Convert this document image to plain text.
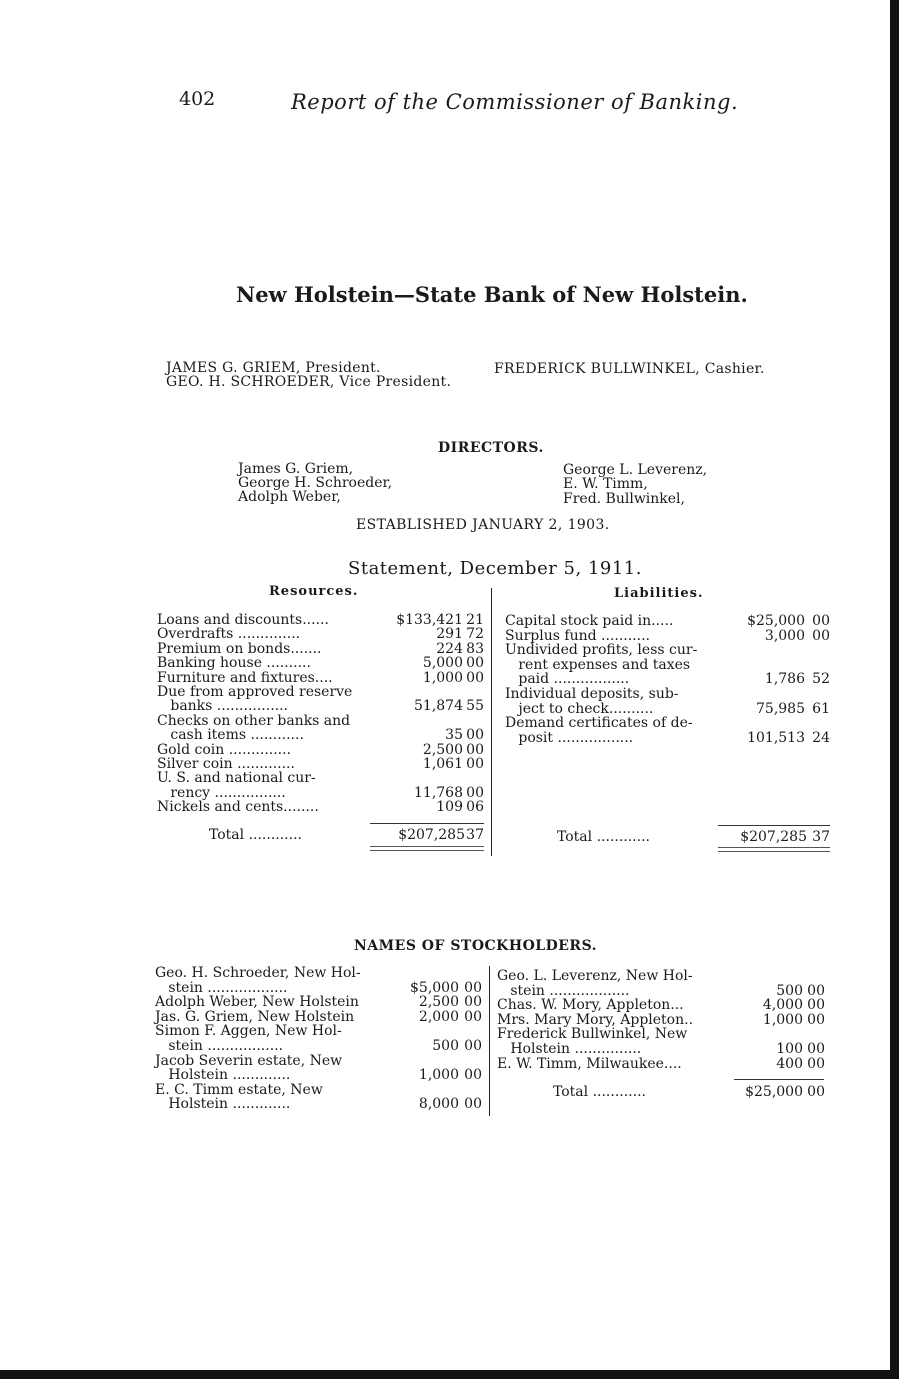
402	Report of the Commissioner of Banking.
New Holstein—State Bank of New Holstein.
JAMES G. GRIEM, President.
GEO. H. SCHROEDER, Vice President.
FREDERICK BULLWINKEL, Cashier.
DIRECTORS.
James G. Griem,
George H. Schroeder,
Adolph Weber,
George L. Leverenz,
E. W. Timm,
Fred. Bullwinkel,
ESTABLISHED JANUARY 2, 1903.
Statement, December 5, 1911.
Resources.	Liabilities.
Loans and discounts......	$133,421 21
Overdrafts ..............	291 72
Premium on bonds.......	224 83
Banking house ..........	5,000 00
Furniture and fixtures....	1,000 00
Due from approved reserve
banks ................	51,874 55
Checks on other banks and
cash items ............	35 00
Gold coin ..............	2,500 00
Silver coin .............	1,061 00
U. S. and national cur-
rency ................	11,768 00
Nickels and cents........	109 06
Capital stock paid in.....	$25,000 00
Surplus fund ...........	3,000 00
Undivided profits, less cur-
rent expenses and taxes
paid .................	1,786 52
Individual deposits, sub-
ject to check..........	75,985 61
Demand certificates of de-
posit .................	101,513 24
Total ............	$207,285 37	Total ............	$207,285 37
NAMES OF STOCKHOLDERS.
Geo. H. Schroeder, New Hol-
stein ..................	$5,000 00
Adolph Weber, New Holstein	2,500 00
Jas. G. Griem, New Holstein	2,000 00
Simon F. Aggen, New Hol-
stein .................	500 00
Jacob Severin estate, New
Holstein .............	1,000 00
E. C. Timm estate, New
Holstein .............	8,000 00
Geo. L. Leverenz, New Hol-
stein ..................	500 00
Chas. W. Mory, Appleton...	4,000 00
Mrs. Mary Mory, Appleton..	1,000 00
Frederick Bullwinkel, New
Holstein ...............	100 00
E. W. Timm, Milwaukee....	400 00
Total ............	$25,000 00
